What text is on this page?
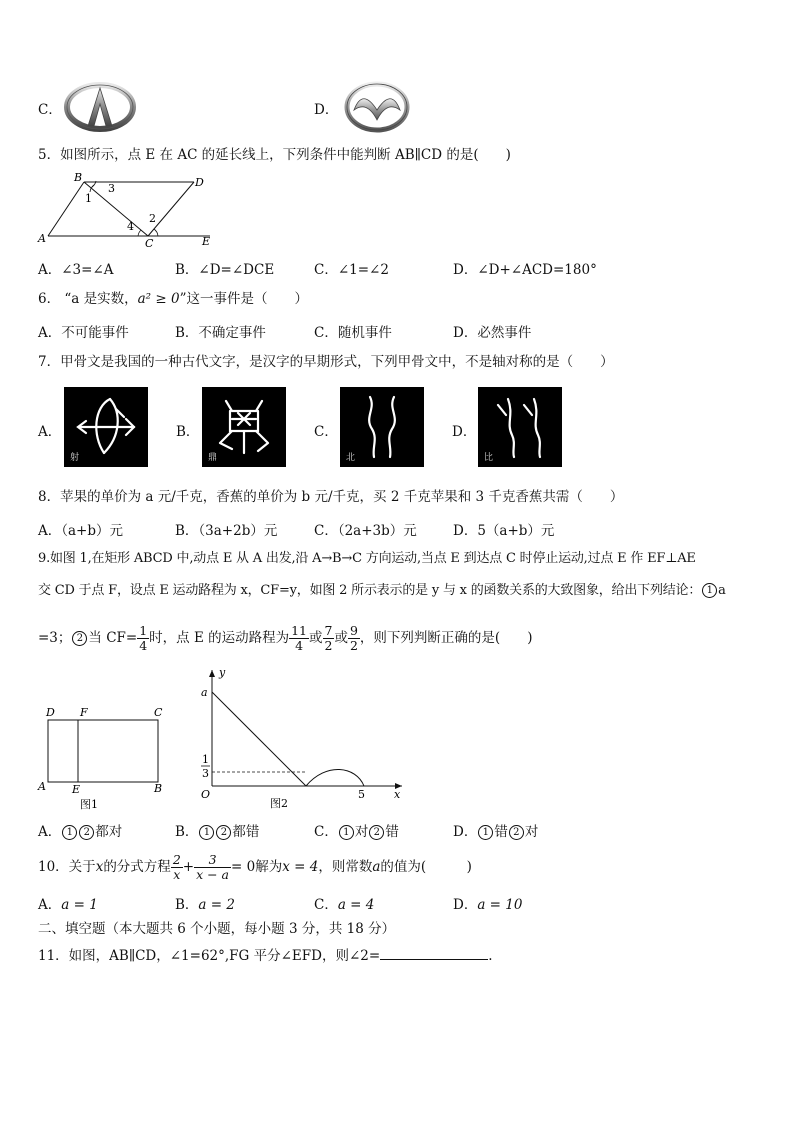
C．	D．
5．如图所示，点 E 在 AC 的延长线上，下列条件中能判断 AB∥CD 的是(　　)
B	D
A	C	E
1
2
3
4
A．∠3=∠A	B．∠D=∠DCE	C．∠1=∠2	D．∠D+∠ACD=180°
6． “a 是实数，a² ≥ 0”这一事件是（　　）
A．不可能事件	B．不确定事件	C．随机事件	D．必然事件
7．甲骨文是我国的一种古代文字，是汉字的早期形式，下列甲骨文中，不是轴对称的是（　　）
A．
射
B．
鼎
C．
北
D．
比
8．苹果的单价为 a 元/千克，香蕉的单价为 b 元/千克，买 2 千克苹果和 3 千克香蕉共需（　　）
A．（a+b）元	B．（3a+2b）元	C．（2a+3b）元	D．5（a+b）元
9.如图 1,在矩形 ABCD 中,动点 E 从 A 出发,沿 A→B→C 方向运动,当点 E 到达点 C 时停止运动,过点 E 作 EF⊥AE
交 CD 于点 F，设点 E 运动路程为 x，CF=y，如图 2 所示表示的是 y 与 x 的函数关系的大致图象，给出下列结论： 1 a
=3； 2 当 $CF= \frac{1}{4}$ 时，点 E 的运动路程为 $\frac{11}{4}$ 或 $\frac{7}{2}$ 或 $\frac{9}{2}$ ，则下列判断正确的是(　　)
D F	C
A E	B
图1
y
a
1
3
O	5	x
图2
A． 1 2 都对	B． 1 2 都错	C． 1 对 2 错	D． 1 错 2 对
10．关于x的分式方程 $\frac{2}{x} + \frac{3}{x - a} = 0$解为x = 4，则常数a的值为(　　　)
A．a = 1	B．a = 2	C．a = 4	D．a = 10
二、填空题（本大题共 6 个小题，每小题 3 分，共 18 分）
11．如图，AB∥CD，∠1=62°,FG 平分∠EFD，则∠2=	.
